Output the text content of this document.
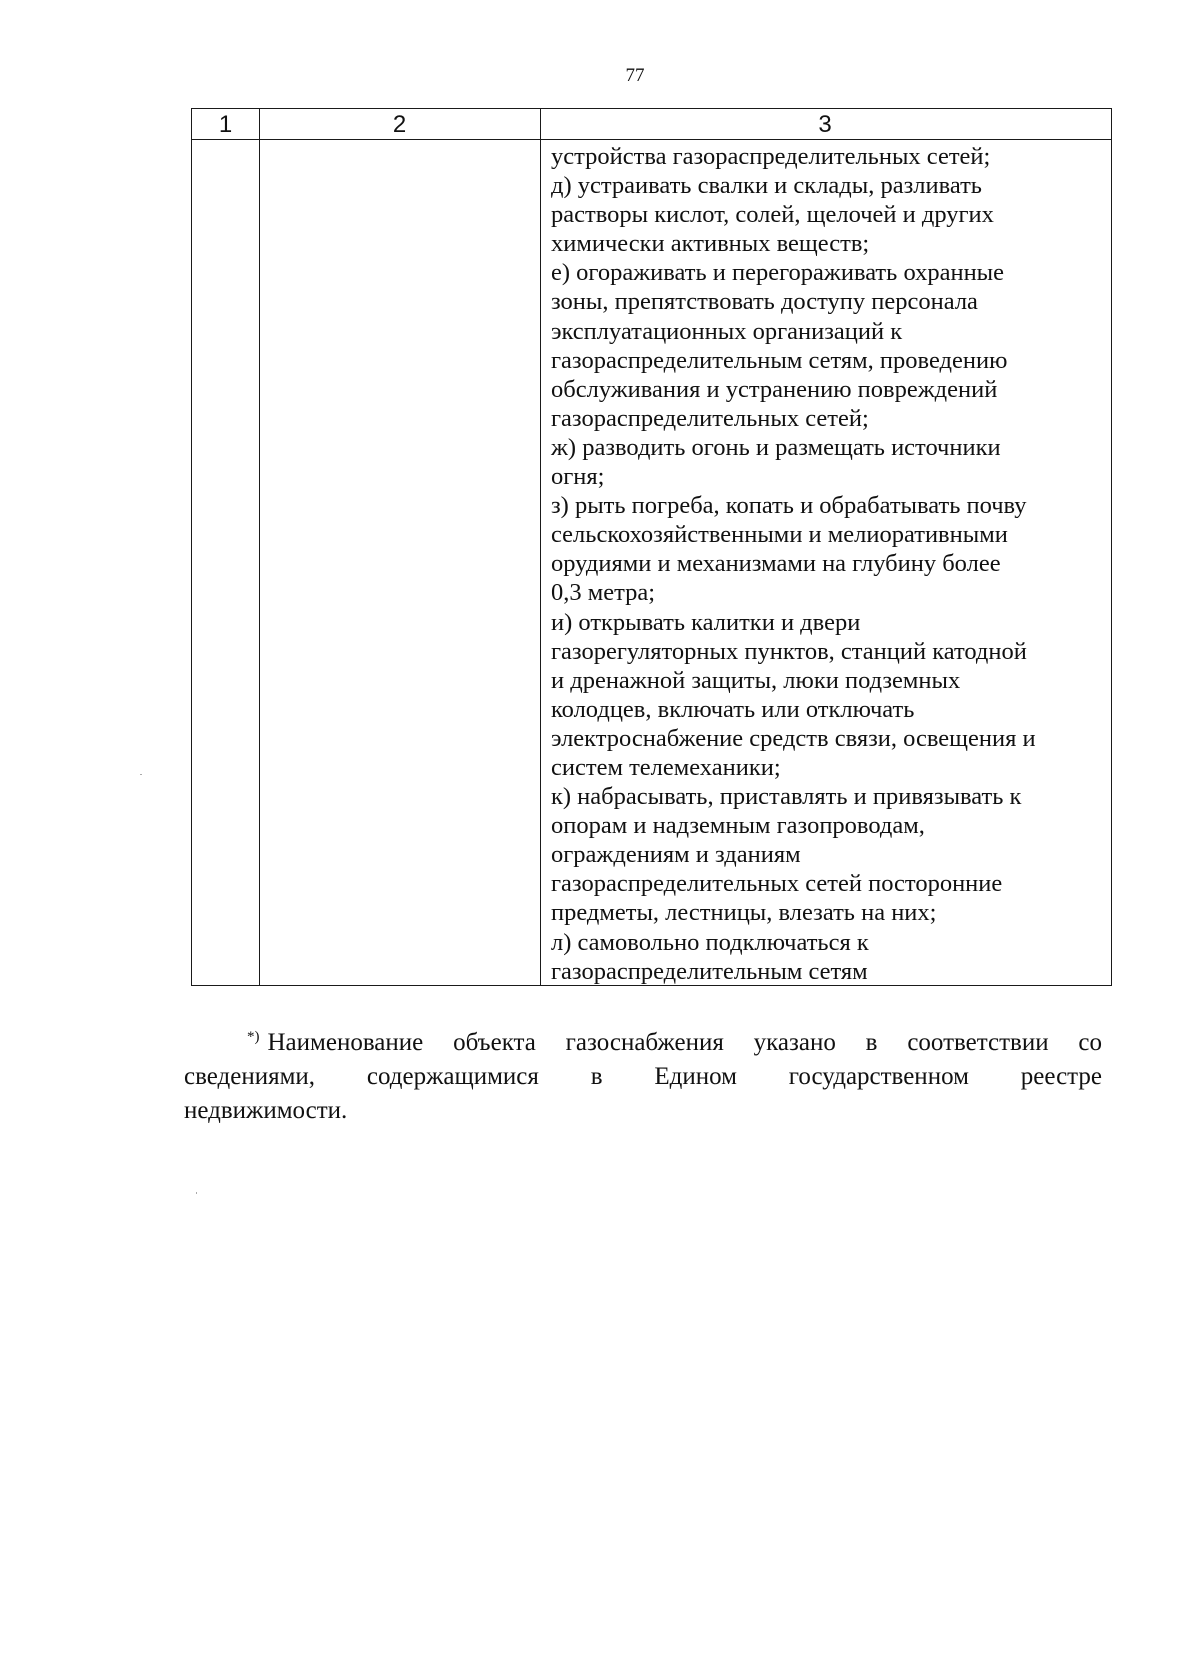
77
1	2	3
устройства газораспределительных сетей;
д) устраивать свалки и склады, разливать
растворы кислот, солей, щелочей и других
химически активных веществ;
е) огораживать и перегораживать охранные
зоны, препятствовать доступу персонала
эксплуатационных организаций к
газораспределительным сетям, проведению
обслуживания и устранению повреждений
газораспределительных сетей;
ж) разводить огонь и размещать источники
огня;
з) рыть погреба, копать и обрабатывать почву
сельскохозяйственными и мелиоративными
орудиями и механизмами на глубину более
0,3 метра;
и) открывать калитки и двери
газорегуляторных пунктов, станций катодной
и дренажной защиты, люки подземных
колодцев, включать или отключать
электроснабжение средств связи, освещения и
систем телемеханики;
к) набрасывать, приставлять и привязывать к
опорам и надземным газопроводам,
ограждениям и зданиям
газораспределительных сетей посторонние
предметы, лестницы, влезать на них;
л) самовольно подключаться к
газораспределительным сетям
*) Наименование объекта газоснабжения указано в соответствии со
сведениями, содержащимися в Едином государственном реестре
недвижимости.
